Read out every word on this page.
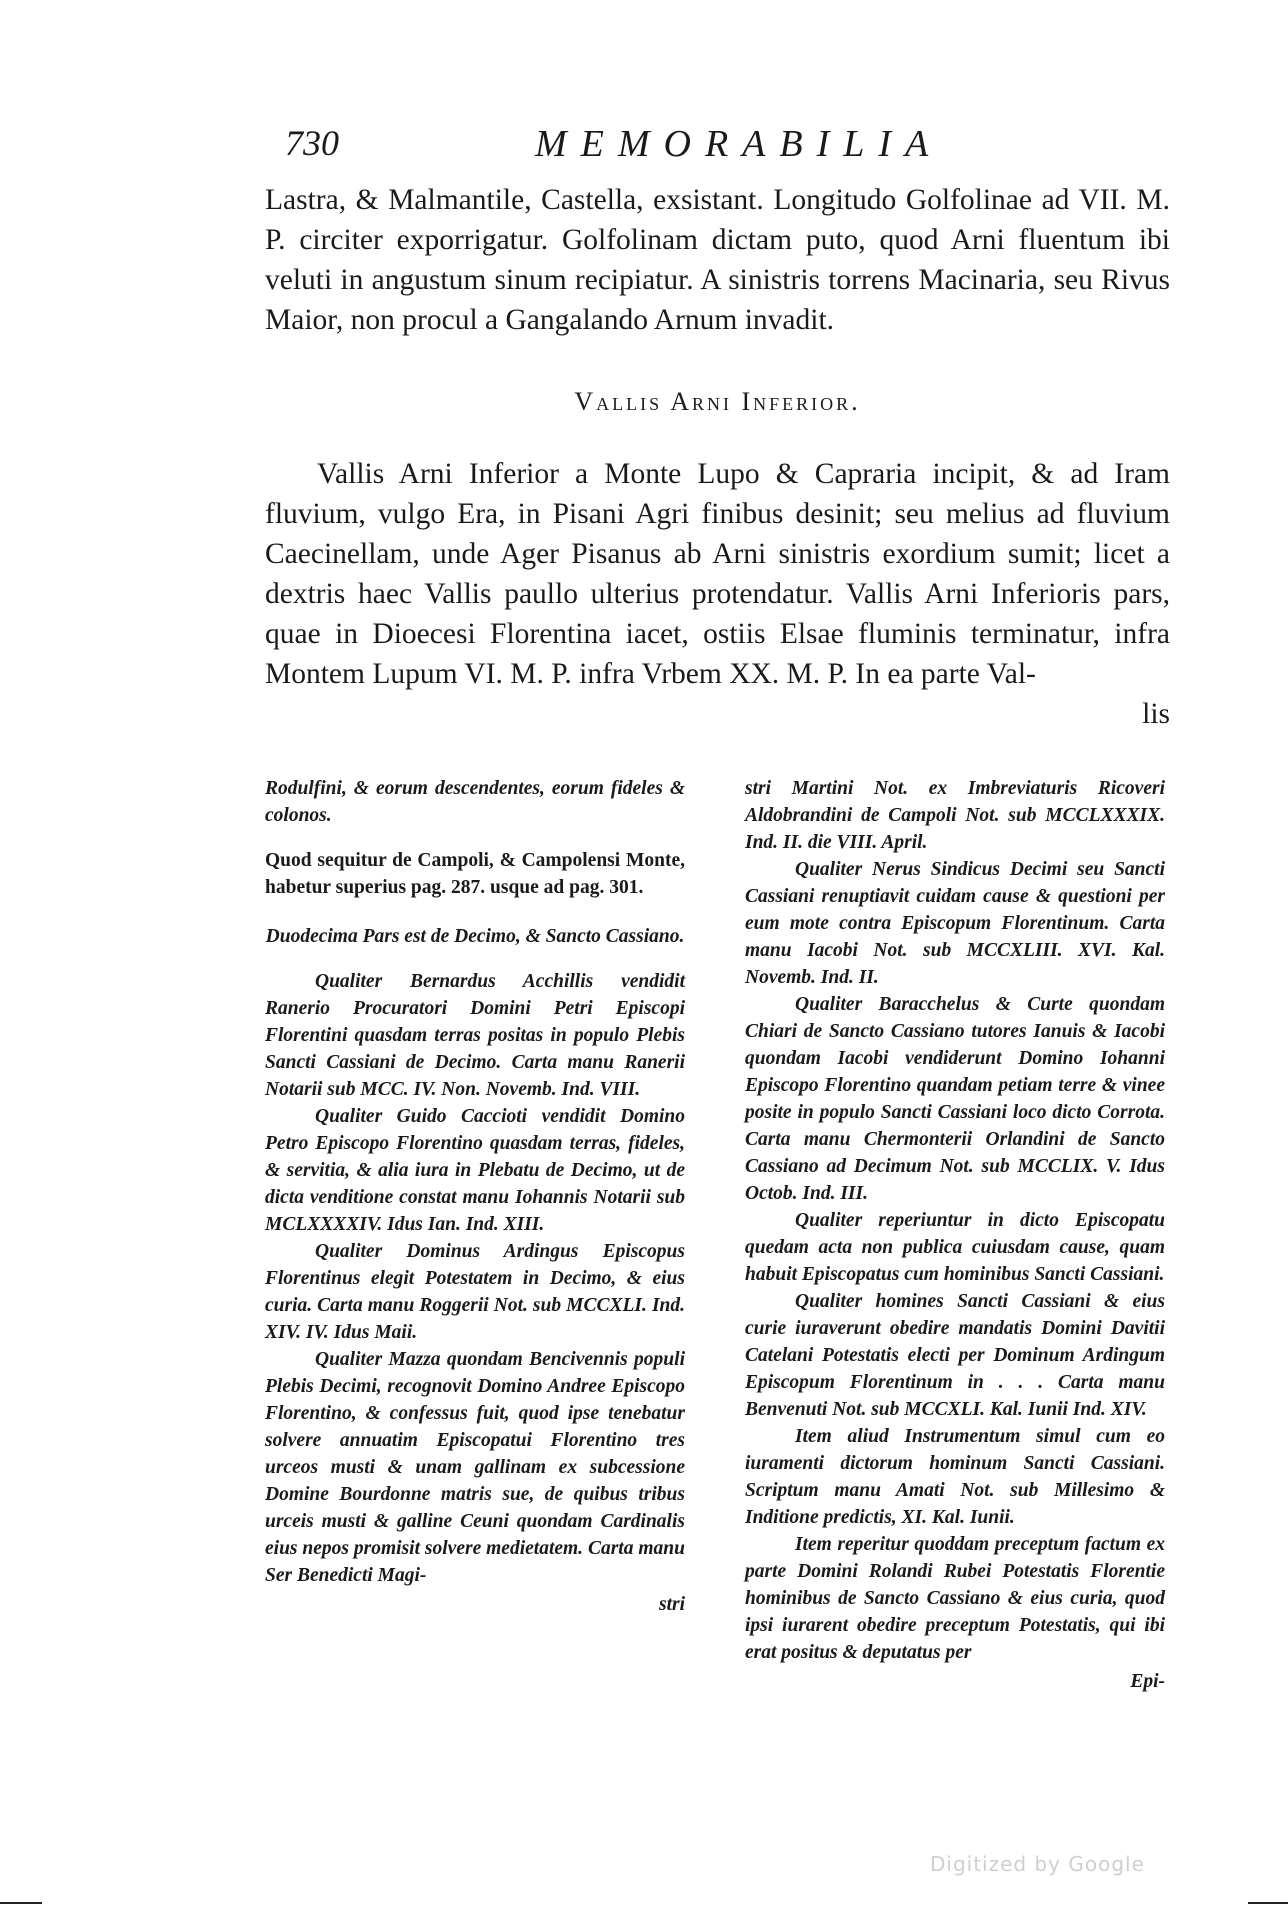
730	MEMORABILIA

Lastra, & Malmantile, Castella, exsistant. Longitudo Golfolinae ad VII. M. P. circiter exporrigatur. Golfolinam dictam puto, quod Arni fluentum ibi veluti in angustum sinum recipiatur. A sinistris torrens Macinaria, seu Rivus Maior, non procul a Gangalando Arnum invadit.

Vallis Arni Inferior.

Vallis Arni Inferior a Monte Lupo & Capraria incipit, & ad Iram fluvium, vulgo Era, in Pisani Agri finibus desinit; seu melius ad fluvium Caecinellam, unde Ager Pisanus ab Arni sinistris exordium sumit; licet a dextris haec Vallis paullo ulterius protendatur. Vallis Arni Inferioris pars, quae in Dioecesi Florentina iacet, ostiis Elsae fluminis terminatur, infra Montem Lupum VI. M. P. infra Vrbem XX. M. P. In ea parte Val-

lis

Rodulfini, & eorum descendentes, eorum fideles & colonos.

Quod sequitur de Campoli, & Campolensi Monte, habetur superius pag. 287. usque ad pag. 301.

Duodecima Pars est de Decimo, & Sancto Cassiano.

Qualiter Bernardus Acchillis vendidit Ranerio Procuratori Domini Petri Episcopi Florentini quasdam terras positas in populo Plebis Sancti Cassiani de Decimo. Carta manu Ranerii Notarii sub MCC. IV. Non. Novemb. Ind. VIII.

Qualiter Guido Caccioti vendidit Domino Petro Episcopo Florentino quasdam terras, fideles, & servitia, & alia iura in Plebatu de Decimo, ut de dicta venditione constat manu Iohannis Notarii sub MCLXXXXIV. Idus Ian. Ind. XIII.

Qualiter Dominus Ardingus Episcopus Florentinus elegit Potestatem in Decimo, & eius curia. Carta manu Roggerii Not. sub MCCXLI. Ind. XIV. IV. Idus Maii.

Qualiter Mazza quondam Bencivennis populi Plebis Decimi, recognovit Domino Andree Episcopo Florentino, & confessus fuit, quod ipse tenebatur solvere annuatim Episcopatui Florentino tres urceos musti & unam gallinam ex subcessione Domine Bourdonne matris sue, de quibus tribus urceis musti & galline Ceuni quondam Cardinalis eius nepos promisit solvere medietatem. Carta manu Ser Benedicti Magi-

stri

stri Martini Not. ex Imbreviaturis Ricoveri Aldobrandini de Campoli Not. sub MCCLXXXIX. Ind. II. die VIII. April.

Qualiter Nerus Sindicus Decimi seu Sancti Cassiani renuptiavit cuidam cause & questioni per eum mote contra Episcopum Florentinum. Carta manu Iacobi Not. sub MCCXLIII. XVI. Kal. Novemb. Ind. II.

Qualiter Baracchelus & Curte quondam Chiari de Sancto Cassiano tutores Ianuis & Iacobi quondam Iacobi vendiderunt Domino Iohanni Episcopo Florentino quandam petiam terre & vinee posite in populo Sancti Cassiani loco dicto Corrota. Carta manu Chermonterii Orlandini de Sancto Cassiano ad Decimum Not. sub MCCLIX. V. Idus Octob. Ind. III.

Qualiter reperiuntur in dicto Episcopatu quedam acta non publica cuiusdam cause, quam habuit Episcopatus cum hominibus Sancti Cassiani.

Qualiter homines Sancti Cassiani & eius curie iuraverunt obedire mandatis Domini Davitii Catelani Potestatis electi per Dominum Ardingum Episcopum Florentinum in . . . Carta manu Benvenuti Not. sub MCCXLI. Kal. Iunii Ind. XIV.

Item aliud Instrumentum simul cum eo iuramenti dictorum hominum Sancti Cassiani. Scriptum manu Amati Not. sub Millesimo & Inditione predictis, XI. Kal. Iunii.

Item reperitur quoddam preceptum factum ex parte Domini Rolandi Rubei Potestatis Florentie hominibus de Sancto Cassiano & eius curia, quod ipsi iurarent obedire preceptum Potestatis, qui ibi erat positus & deputatus per

Epi-

Digitized by Google
